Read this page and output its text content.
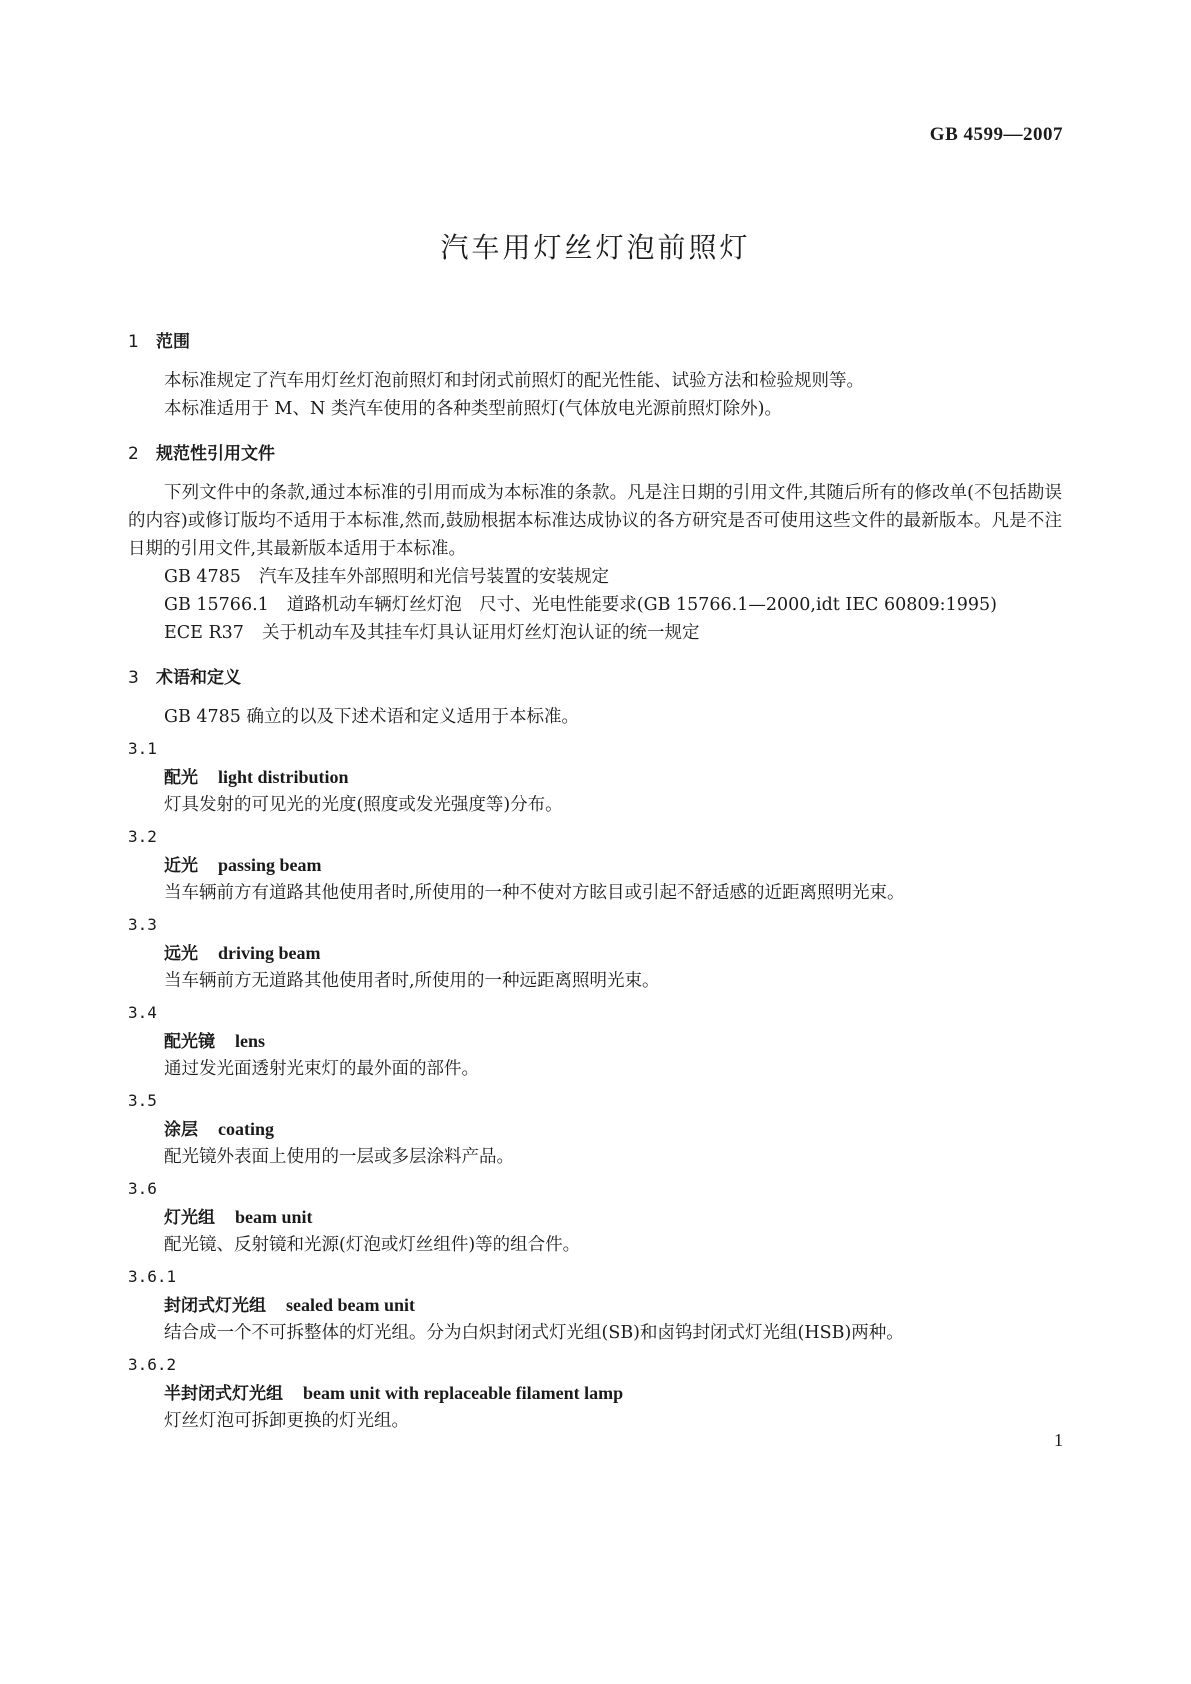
GB 4599—2007
汽车用灯丝灯泡前照灯
1 范围
本标准规定了汽车用灯丝灯泡前照灯和封闭式前照灯的配光性能、试验方法和检验规则等。
本标准适用于 M、N 类汽车使用的各种类型前照灯(气体放电光源前照灯除外)。
2 规范性引用文件
下列文件中的条款,通过本标准的引用而成为本标准的条款。凡是注日期的引用文件,其随后所有的修改单(不包括勘误的内容)或修订版均不适用于本标准,然而,鼓励根据本标准达成协议的各方研究是否可使用这些文件的最新版本。凡是不注日期的引用文件,其最新版本适用于本标准。
GB 4785 汽车及挂车外部照明和光信号装置的安装规定
GB 15766.1 道路机动车辆灯丝灯泡　尺寸、光电性能要求(GB 15766.1—2000,idt IEC 60809:1995)
ECE R37 关于机动车及其挂车灯具认证用灯丝灯泡认证的统一规定
3 术语和定义
GB 4785 确立的以及下述术语和定义适用于本标准。
3.1
配光 light distribution
灯具发射的可见光的光度(照度或发光强度等)分布。
3.2
近光 passing beam
当车辆前方有道路其他使用者时,所使用的一种不使对方眩目或引起不舒适感的近距离照明光束。
3.3
远光 driving beam
当车辆前方无道路其他使用者时,所使用的一种远距离照明光束。
3.4
配光镜 lens
通过发光面透射光束灯的最外面的部件。
3.5
涂层 coating
配光镜外表面上使用的一层或多层涂料产品。
3.6
灯光组 beam unit
配光镜、反射镜和光源(灯泡或灯丝组件)等的组合件。
3.6.1
封闭式灯光组 sealed beam unit
结合成一个不可拆整体的灯光组。分为白炽封闭式灯光组(SB)和卤钨封闭式灯光组(HSB)两种。
3.6.2
半封闭式灯光组 beam unit with replaceable filament lamp
灯丝灯泡可拆卸更换的灯光组。
1
